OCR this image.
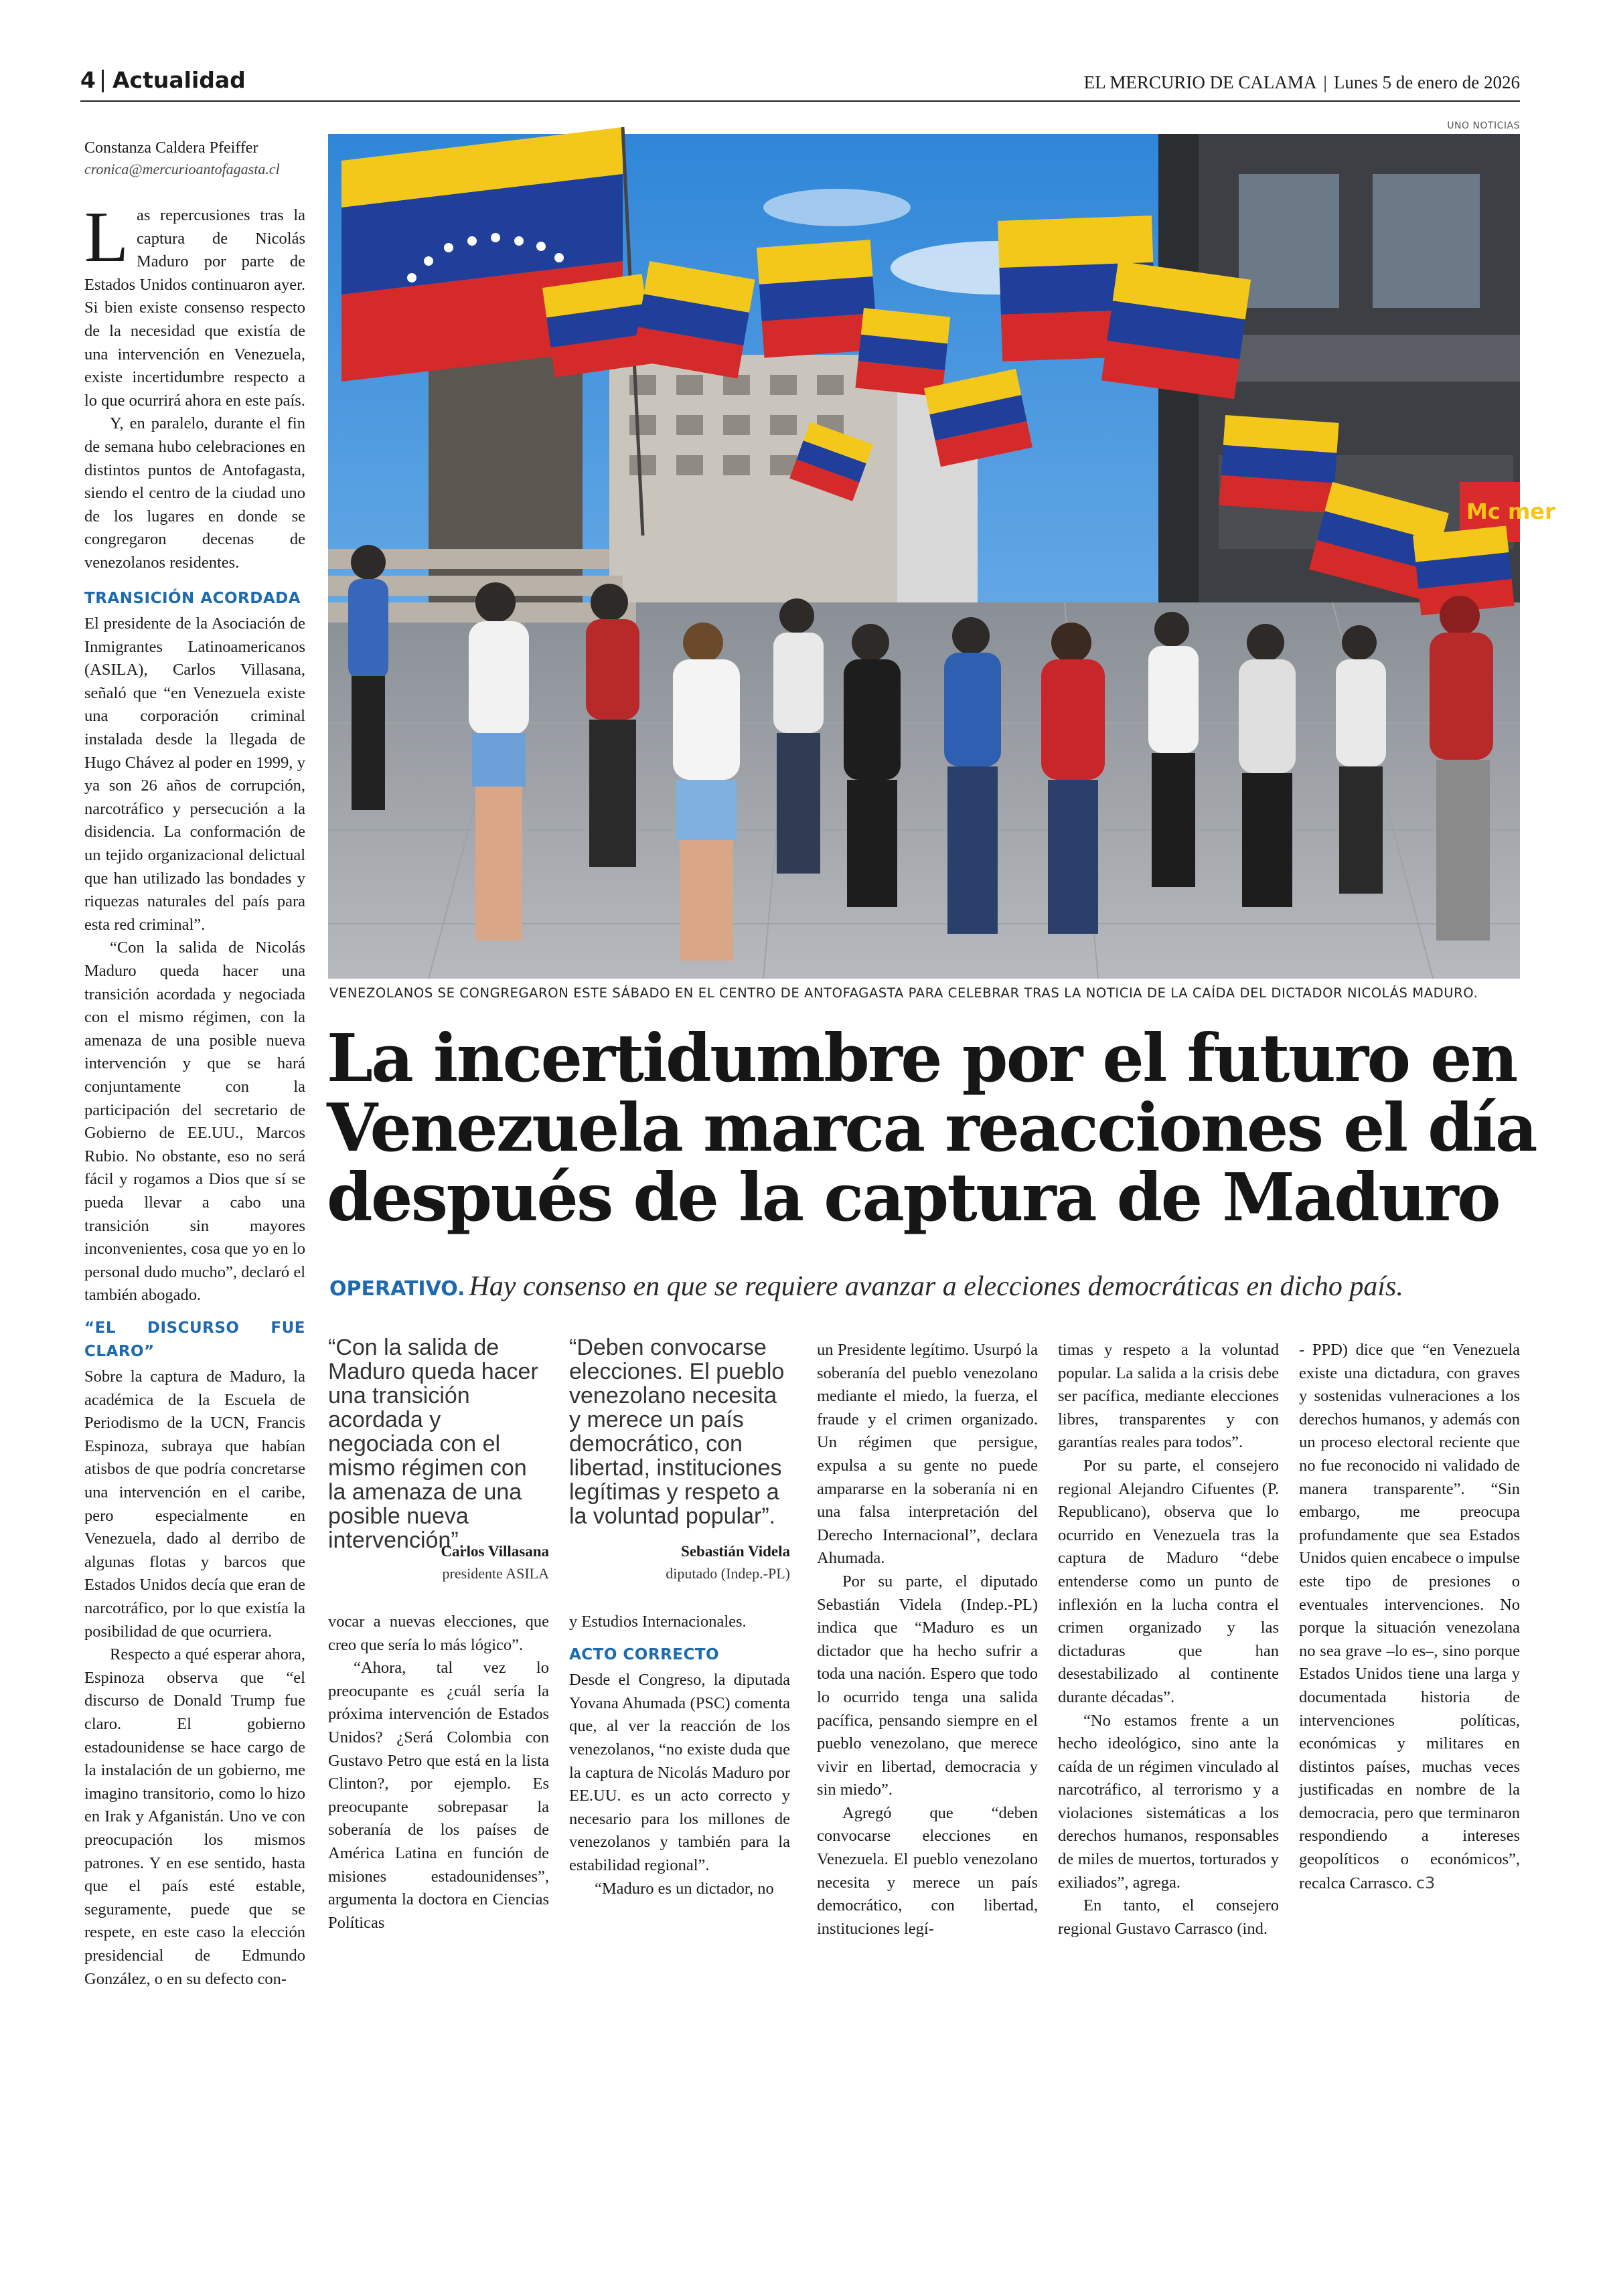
4 Actualidad	EL MERCURIO DE CALAMA | Lunes 5 de enero de 2026
Constanza Caldera Pfeiffer
cronica@mercurioantofagasta.cl

Las repercusiones tras la captura de Nicolás Maduro por parte de Estados Unidos continuaron ayer. Si bien existe consenso respecto de la necesidad que existía de una intervención en Venezuela, existe incertidumbre respecto a lo que ocurrirá ahora en este país.

Y, en paralelo, durante el fin de semana hubo celebraciones en distintos puntos de Antofagasta, siendo el centro de la ciudad uno de los lugares en donde se congregaron decenas de venezolanos residentes.

TRANSICIÓN ACORDADA

El presidente de la Asociación de Inmigrantes Latinoamericanos (ASILA), Carlos Villasana, señaló que “en Venezuela existe una corporación criminal instalada desde la llegada de Hugo Chávez al poder en 1999, y ya son 26 años de corrupción, narcotráfico y persecución a la disidencia. La conformación de un tejido organizacional delictual que han utilizado las bondades y riquezas naturales del país para esta red criminal”.

“Con la salida de Nicolás Maduro queda hacer una transición acordada y negociada con el mismo régimen, con la amenaza de una posible nueva intervención y que se hará conjuntamente con la participación del secretario de Gobierno de EE.UU., Marcos Rubio. No obstante, eso no será fácil y rogamos a Dios que sí se pueda llevar a cabo una transición sin mayores inconvenientes, cosa que yo en lo personal dudo mucho”, declaró el también abogado.

“EL DISCURSO FUE CLARO”

Sobre la captura de Maduro, la académica de la Escuela de Periodismo de la UCN, Francis Espinoza, subraya que habían atisbos de que podría concretarse una intervención en el caribe, pero especialmente en Venezuela, dado al derribo de algunas flotas y barcos que Estados Unidos decía que eran de narcotráfico, por lo que existía la posibilidad de que ocurriera.

Respecto a qué esperar ahora, Espinoza observa que “el discurso de Donald Trump fue claro. El gobierno estadounidense se hace cargo de la instalación de un gobierno, me imagino transitorio, como lo hizo en Irak y Afganistán. Uno ve con preocupación los mismos patrones. Y en ese sentido, hasta que el país esté estable, seguramente, puede que se respete, en este caso la elección presidencial de Edmundo González, o en su defecto con-

UNO NOTICIAS
Mc mer
VENEZOLANOS SE CONGREGARON ESTE SÁBADO EN EL CENTRO DE ANTOFAGASTA PARA CELEBRAR TRAS LA NOTICIA DE LA CAÍDA DEL DICTADOR NICOLÁS MADURO.
La incertidumbre por el futuro en
Venezuela marca reacciones el día
después de la captura de Maduro
OPERATIVO. Hay consenso en que se requiere avanzar a elecciones democráticas en dicho país.
“Con la salida de Maduro queda hacer una transición acordada y negociada con el mismo régimen con la amenaza de una posible nueva intervención”.
Carlos Villasana
presidente ASILA
“Deben convocarse elecciones. El pueblo venezolano necesita y merece un país democrático, con libertad, instituciones legítimas y respeto a la voluntad popular”.
Sebastián Videla
diputado (Indep.-PL)

vocar a nuevas elecciones, que creo que sería lo más lógico”.

“Ahora, tal vez lo preocupante es ¿cuál sería la próxima intervención de Estados Unidos? ¿Será Colombia con Gustavo Petro que está en la lista Clinton?, por ejemplo. Es preocupante sobrepasar la soberanía de los países de América Latina en función de misiones estadounidenses”, argumenta la doctora en Ciencias Políticas

y Estudios Internacionales.

ACTO CORRECTO

Desde el Congreso, la diputada Yovana Ahumada (PSC) comenta que, al ver la reacción de los venezolanos, “no existe duda que la captura de Nicolás Maduro por EE.UU. es un acto correcto y necesario para los millones de venezolanos y también para la estabilidad regional”.

“Maduro es un dictador, no

un Presidente legítimo. Usurpó la soberanía del pueblo venezolano mediante el miedo, la fuerza, el fraude y el crimen organizado. Un régimen que persigue, expulsa a su gente no puede ampararse en la soberanía ni en una falsa interpretación del Derecho Internacional”, declara Ahumada.

Por su parte, el diputado Sebastián Videla (Indep.-PL) indica que “Maduro es un dictador que ha hecho sufrir a toda una nación. Espero que todo lo ocurrido tenga una salida pacífica, pensando siempre en el pueblo venezolano, que merece vivir en libertad, democracia y sin miedo”.

Agregó que “deben convocarse elecciones en Venezuela. El pueblo venezolano necesita y merece un país democrático, con libertad, instituciones legí-

timas y respeto a la voluntad popular. La salida a la crisis debe ser pacífica, mediante elecciones libres, transparentes y con garantías reales para todos”.

Por su parte, el consejero regional Alejandro Cifuentes (P. Republicano), observa que lo ocurrido en Venezuela tras la captura de Maduro “debe entenderse como un punto de inflexión en la lucha contra el crimen organizado y las dictaduras que han desestabilizado al continente durante décadas”.

“No estamos frente a un hecho ideológico, sino ante la caída de un régimen vinculado al narcotráfico, al terrorismo y a violaciones sistemáticas a los derechos humanos, responsables de miles de muertos, torturados y exiliados”, agrega.

En tanto, el consejero regional Gustavo Carrasco (ind.

- PPD) dice que “en Venezuela existe una dictadura, con graves y sostenidas vulneraciones a los derechos humanos, y además con un proceso electoral reciente que no fue reconocido ni validado de manera transparente”. “Sin embargo, me preocupa profundamente que sea Estados Unidos quien encabece o impulse este tipo de presiones o eventuales intervenciones. No porque la situación venezolana no sea grave –lo es–, sino porque Estados Unidos tiene una larga y documentada historia de intervenciones políticas, económicas y militares en distintos países, muchas veces justificadas en nombre de la democracia, pero que terminaron respondiendo a intereses geopolíticos o económicos”, recalca Carrasco. c3
